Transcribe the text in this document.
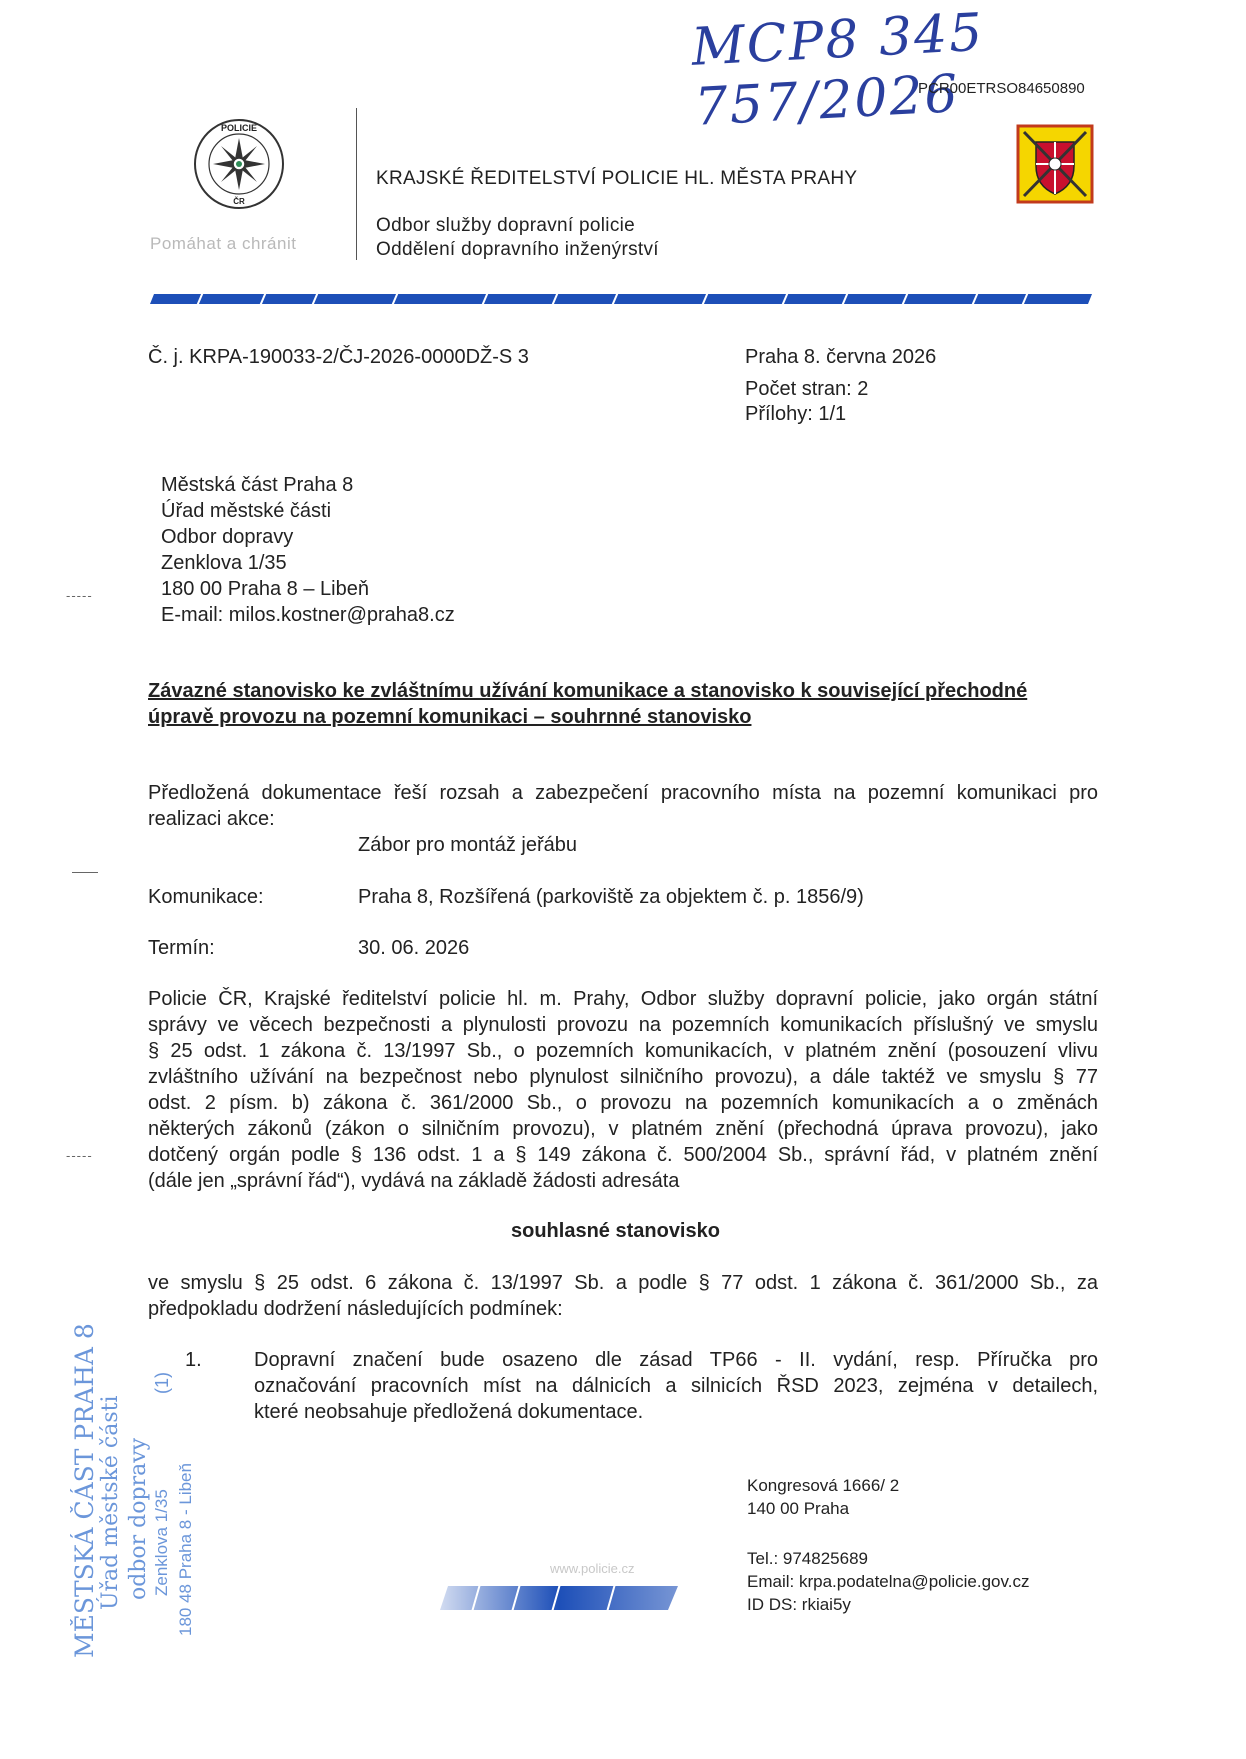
MCP8 345 757/2026
PCR00ETRSO84650890
POLICIE
ČR
Pomáhat a chránit
KRAJSKÉ ŘEDITELSTVÍ POLICIE HL. MĚSTA PRAHY
Odbor služby dopravní policie
Oddělení dopravního inženýrství
Č. j. KRPA-190033-2/ČJ-2026-0000DŽ-S 3	Praha 8. června 2026
Počet stran: 2
Přílohy: 1/1
Městská část Praha 8
Úřad městské části
Odbor dopravy
Zenklova 1/35
180 00 Praha 8 – Libeň
E-mail: milos.kostner@praha8.cz
-----
-----
Závazné stanovisko ke zvláštnímu užívání komunikace a stanovisko k související přechodné
úpravě provozu na pozemní komunikaci – souhrnné stanovisko
Předložená dokumentace řeší rozsah a zabezpečení pracovního místa na pozemní komunikaci pro
realizaci akce:
Zábor pro montáž jeřábu
Komunikace:	Praha 8, Rozšířená (parkoviště za objektem č. p. 1856/9)
Termín:	30. 06. 2026
Policie ČR, Krajské ředitelství policie hl. m. Prahy, Odbor služby dopravní policie, jako orgán státní
správy ve věcech bezpečnosti a plynulosti provozu na pozemních komunikacích příslušný ve smyslu
§ 25 odst. 1 zákona č. 13/1997 Sb., o pozemních komunikacích, v platném znění (posouzení vlivu
zvláštního užívání na bezpečnost nebo plynulost silničního provozu), a dále taktéž ve smyslu § 77
odst. 2 písm. b) zákona č. 361/2000 Sb., o provozu na pozemních komunikacích a o změnách
některých zákonů (zákon o silničním provozu), v platném znění (přechodná úprava provozu), jako
dotčený orgán podle § 136 odst. 1 a § 149 zákona č. 500/2004 Sb., správní řád, v platném znění
(dále jen „správní řád“), vydává na základě žádosti adresáta
souhlasné stanovisko
ve smyslu § 25 odst. 6 zákona č. 13/1997 Sb. a podle § 77 odst. 1 zákona č. 361/2000 Sb., za
předpokladu dodržení následujících podmínek:
1.	Dopravní značení bude osazeno dle zásad TP66 - II. vydání, resp. Příručka pro
označování pracovních míst na dálnicích a silnicích ŘSD 2023, zejména v detailech,
které neobsahuje předložená dokumentace.
MĚSTSKÁ ČÁST PRAHA 8 Úřad městské části odbor dopravy Zenklova 1/35 180 48 Praha 8 - Libeň
(1)
www.policie.cz
Kongresová 1666/ 2
140 00 Praha
Tel.: 974825689
Email: krpa.podatelna@policie.gov.cz
ID DS: rkiai5y
